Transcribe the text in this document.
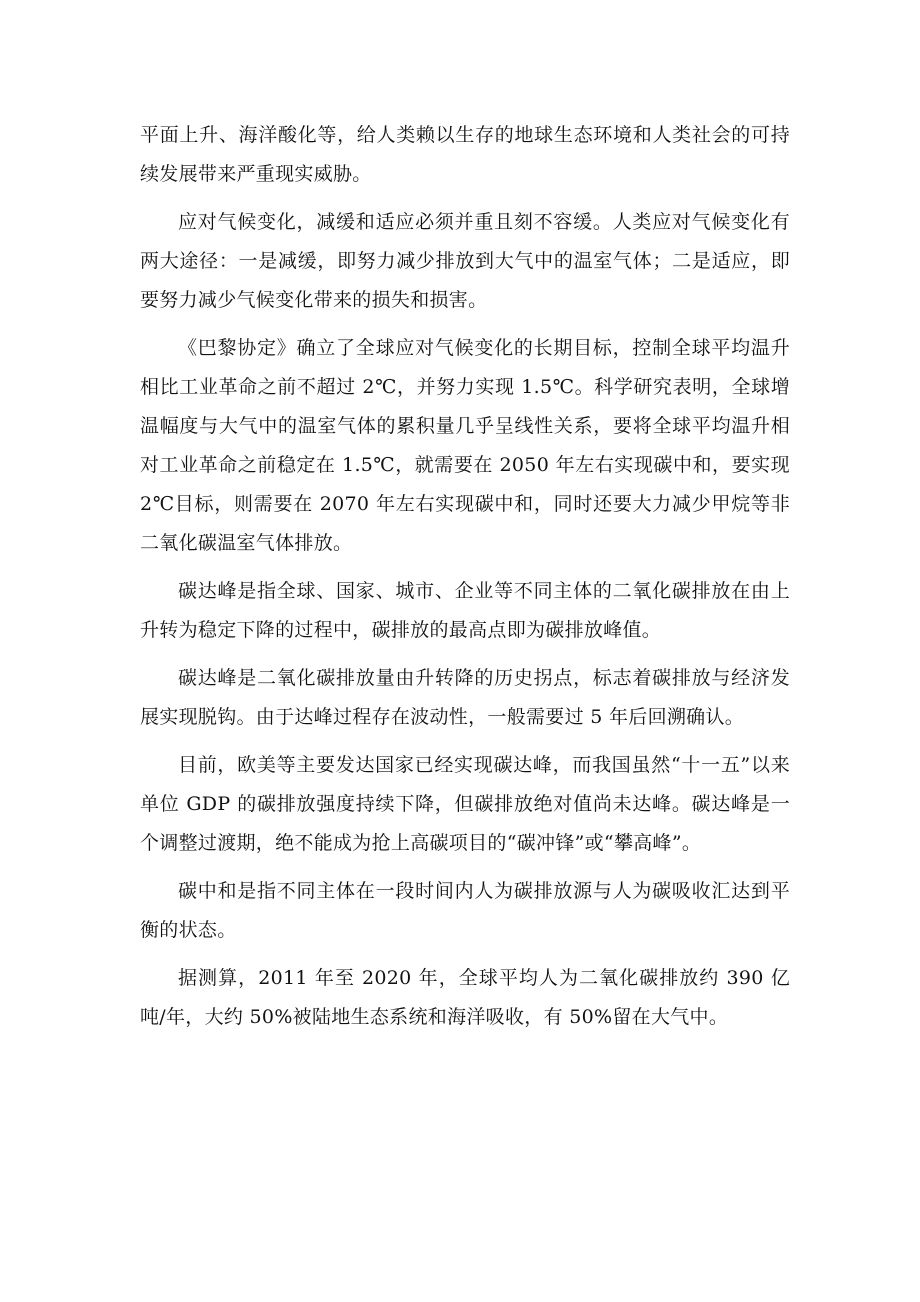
平面上升、海洋酸化等，给人类赖以生存的地球生态环境和人类社会的可持续发展带来严重现实威胁。

应对气候变化，减缓和适应必须并重且刻不容缓。人类应对气候变化有两大途径：一是减缓，即努力减少排放到大气中的温室气体；二是适应，即要努力减少气候变化带来的损失和损害。

《巴黎协定》确立了全球应对气候变化的长期目标，控制全球平均温升相比工业革命之前不超过 2℃，并努力实现 1.5℃。科学研究表明，全球增温幅度与大气中的温室气体的累积量几乎呈线性关系，要将全球平均温升相对工业革命之前稳定在 1.5℃，就需要在 2050 年左右实现碳中和，要实现 2℃目标，则需要在 2070 年左右实现碳中和，同时还要大力减少甲烷等非二氧化碳温室气体排放。

碳达峰是指全球、国家、城市、企业等不同主体的二氧化碳排放在由上升转为稳定下降的过程中，碳排放的最高点即为碳排放峰值。

碳达峰是二氧化碳排放量由升转降的历史拐点，标志着碳排放与经济发展实现脱钩。由于达峰过程存在波动性，一般需要过 5 年后回溯确认。

目前，欧美等主要发达国家已经实现碳达峰，而我国虽然“十一五”以来单位 GDP 的碳排放强度持续下降，但碳排放绝对值尚未达峰。碳达峰是一个调整过渡期，绝不能成为抢上高碳项目的“碳冲锋”或“攀高峰”。

碳中和是指不同主体在一段时间内人为碳排放源与人为碳吸收汇达到平衡的状态。

据测算，2011 年至 2020 年，全球平均人为二氧化碳排放约 390 亿吨/年，大约 50%被陆地生态系统和海洋吸收，有 50%留在大气中。
